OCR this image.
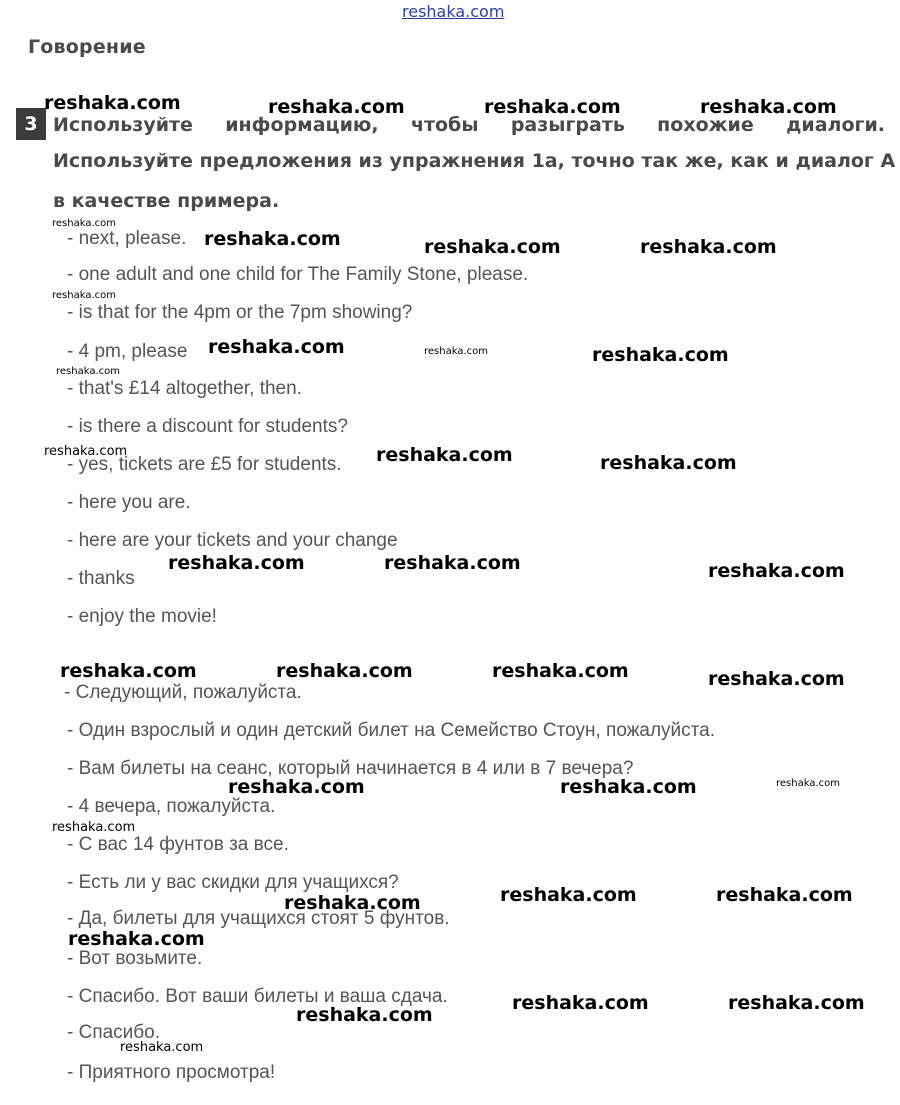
reshaka.com
Говорение
3 Используйте информацию, чтобы разыграть похожие диалоги.
Используйте предложения из упражнения 1а, точно так же, как и диалог А
в качестве примера.
- next, please.
- one adult and one child for The Family Stone, please.
- is that for the 4pm or the 7pm showing?
- 4 pm, please
- that's £14 altogether, then.
- is there a discount for students?
- yes, tickets are £5 for students.
- here you are.
- here are your tickets and your change
- thanks
- enjoy the movie!
- Следующий, пожалуйста.
- Один взрослый и один детский билет на Семейство Стоун, пожалуйста.
- Вам билеты на сеанс, который начинается в 4 или в 7 вечера?
- 4 вечера, пожалуйста.
- С вас 14 фунтов за все.
- Есть ли у вас скидки для учащихся?
- Да, билеты для учащихся стоят 5 фунтов.
- Вот возьмите.
- Спасибо. Вот ваши билеты и ваша сдача.
- Спасибо.
- Приятного просмотра!
reshaka.com	reshaka.com	reshaka.com	reshaka.com
reshaka.com	reshaka.com	reshaka.com
reshaka.com	reshaka.com
reshaka.com	reshaka.com
reshaka.com	reshaka.com	reshaka.com
reshaka.com	reshaka.com	reshaka.com	reshaka.com
reshaka.com	reshaka.com
reshaka.com	reshaka.com
reshaka.com
reshaka.com
reshaka.com	reshaka.com
reshaka.com
reshaka.com
reshaka.com
reshaka.com
reshaka.com
reshaka.com
reshaka.com
reshaka.com
reshaka.com
